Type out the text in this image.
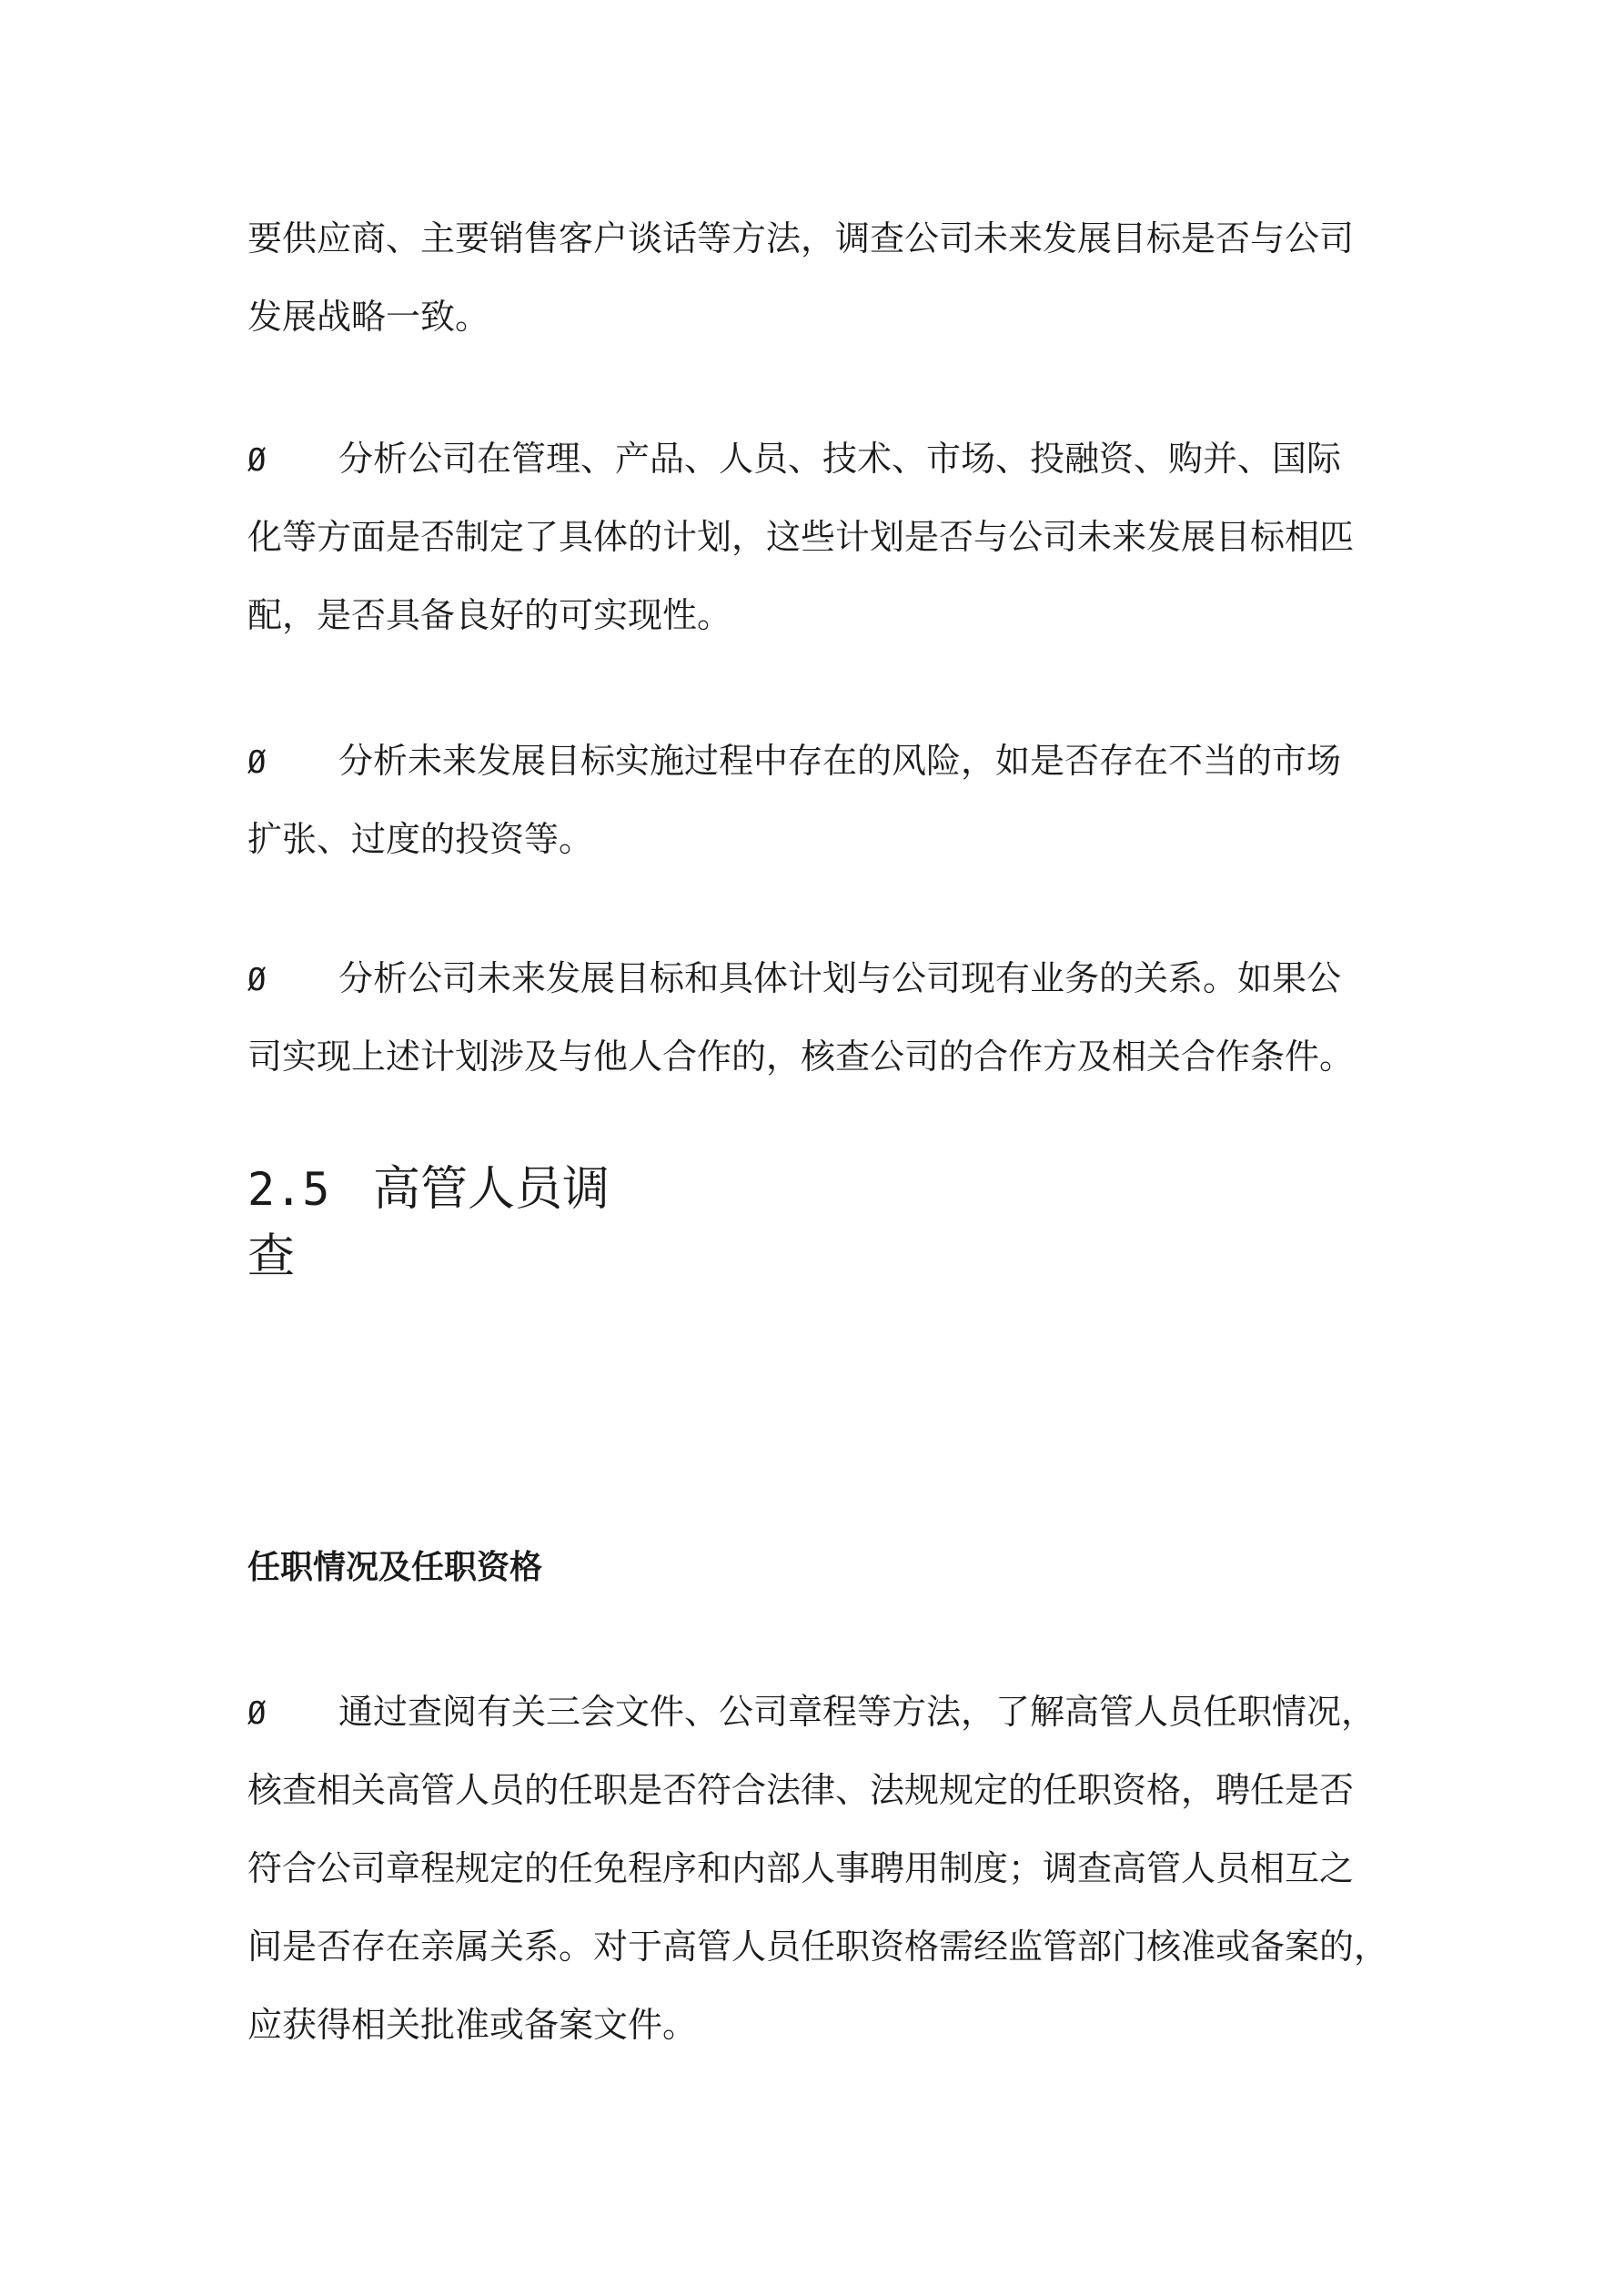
要供应商、主要销售客户谈话等方法，调查公司未来发展目标是否与公司
发展战略一致。

Ø 分析公司在管理、产品、人员、技术、市场、投融资、购并、国际
化等方面是否制定了具体的计划，这些计划是否与公司未来发展目标相匹
配，是否具备良好的可实现性。

Ø 分析未来发展目标实施过程中存在的风险，如是否存在不当的市场
扩张、过度的投资等。

Ø 分析公司未来发展目标和具体计划与公司现有业务的关系。如果公
司实现上述计划涉及与他人合作的，核查公司的合作方及相关合作条件。

2.5 高管人员调
查
任职情况及任职资格

Ø 通过查阅有关三会文件、公司章程等方法，了解高管人员任职情况，
核查相关高管人员的任职是否符合法律、法规规定的任职资格，聘任是否
符合公司章程规定的任免程序和内部人事聘用制度；调查高管人员相互之
间是否存在亲属关系。对于高管人员任职资格需经监管部门核准或备案的，
应获得相关批准或备案文件。
